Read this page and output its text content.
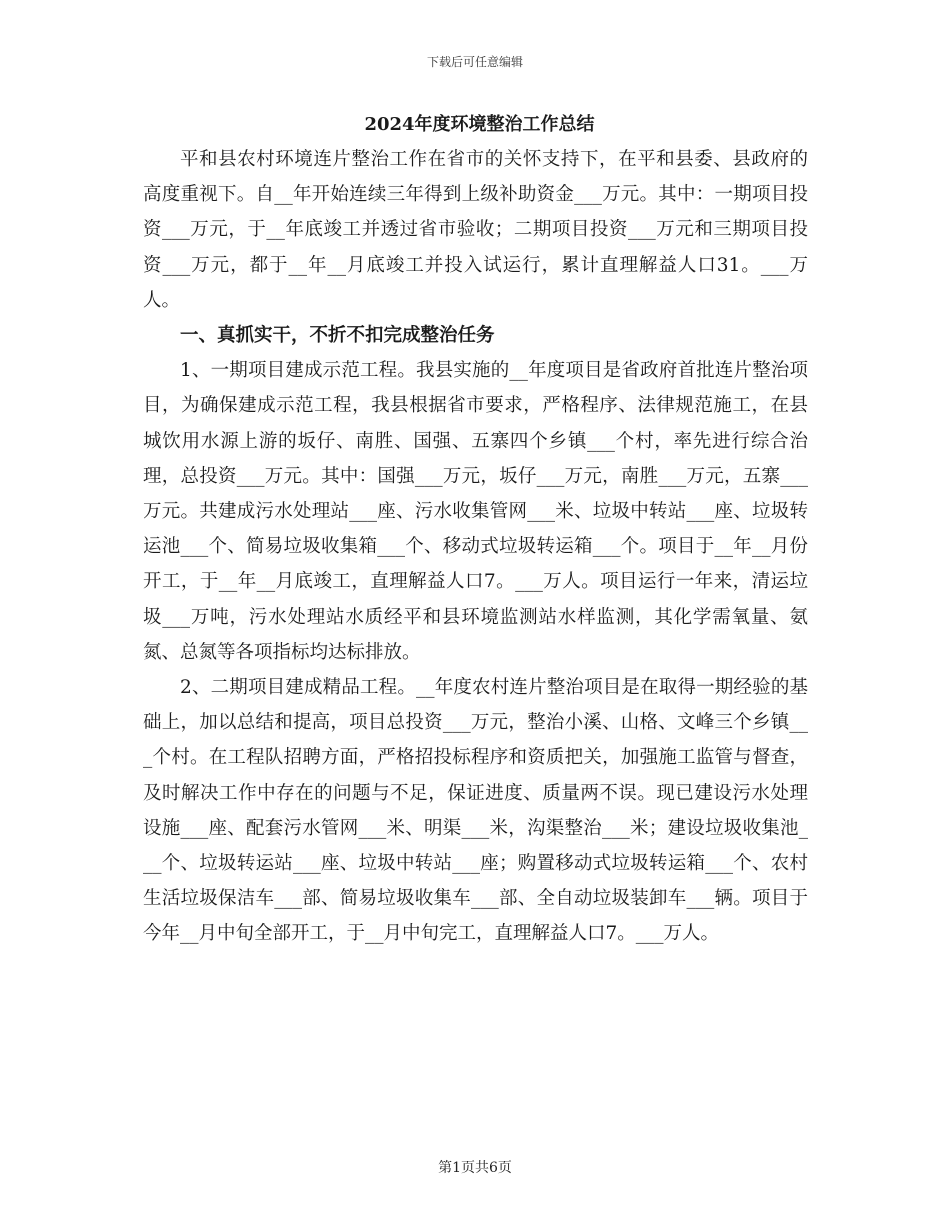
下载后可任意编辑
2024年度环境整治工作总结

平和县农村环境连片整治工作在省市的关怀支持下，在平和县委、县政府的高度重视下。自__年开始连续三年得到上级补助资金___万元。其中：一期项目投资___万元，于__年底竣工并透过省市验收；二期项目投资___万元和三期项目投资___万元，都于__年__月底竣工并投入试运行，累计直理解益人口31。___万人。

一、真抓实干，不折不扣完成整治任务

1、一期项目建成示范工程。我县实施的__年度项目是省政府首批连片整治项目，为确保建成示范工程，我县根据省市要求，严格程序、法律规范施工，在县城饮用水源上游的坂仔、南胜、国强、五寨四个乡镇___个村，率先进行综合治理，总投资___万元。其中：国强___万元，坂仔___万元，南胜___万元，五寨___万元。共建成污水处理站___座、污水收集管网___米、垃圾中转站___座、垃圾转运池___个、简易垃圾收集箱___个、移动式垃圾转运箱___个。项目于__年__月份开工，于__年__月底竣工，直理解益人口7。___万人。项目运行一年来，清运垃圾___万吨，污水处理站水质经平和县环境监测站水样监测，其化学需氧量、氨氮、总氮等各项指标均达标排放。

2、二期项目建成精品工程。__年度农村连片整治项目是在取得一期经验的基础上，加以总结和提高，项目总投资___万元，整治小溪、山格、文峰三个乡镇___个村。在工程队招聘方面，严格招投标程序和资质把关，加强施工监管与督查，及时解决工作中存在的问题与不足，保证进度、质量两不误。现已建设污水处理设施___座、配套污水管网___米、明渠___米，沟渠整治___米；建设垃圾收集池___个、垃圾转运站___座、垃圾中转站___座；购置移动式垃圾转运箱___个、农村生活垃圾保洁车___部、简易垃圾收集车___部、全自动垃圾装卸车___辆。项目于今年__月中旬全部开工，于__月中旬完工，直理解益人口7。___万人。

第1页共6页
